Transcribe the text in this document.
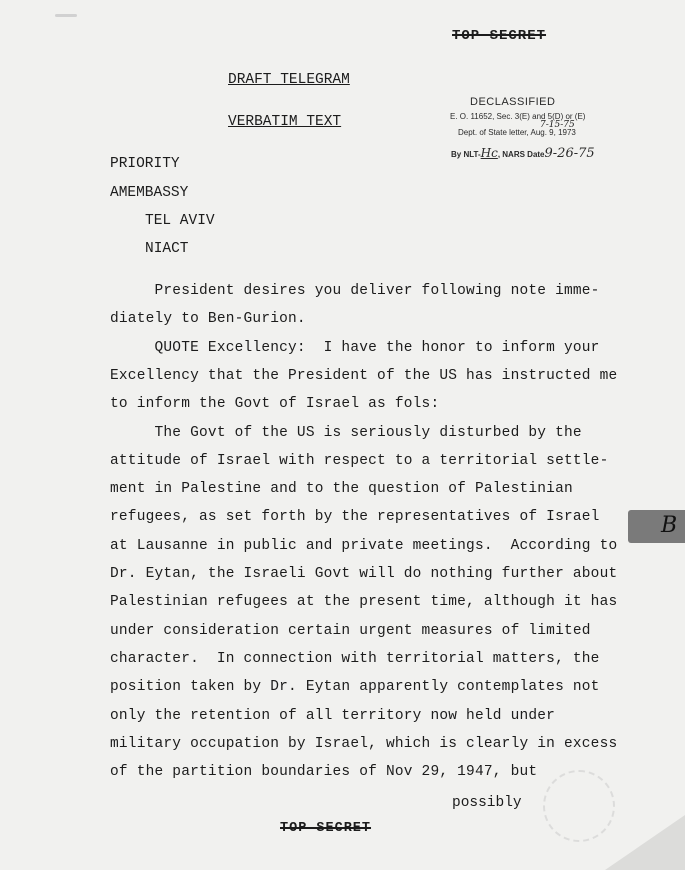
TOP SECRET
DRAFT TELEGRAM
VERBATIM TEXT
DECLASSIFIED
E. O. 11652, Sec. 3(E) and 5(D) or (E)
7-15-75
Dept. of State letter, Aug. 9, 1973
By NLT-Hc, NARS Date9-26-75
PRIORITY
AMEMBASSY
TEL AVIV
NIACT
President desires you deliver following note imme-
diately to Ben-Gurion.
QUOTE Excellency:  I have the honor to inform your
Excellency that the President of the US has instructed me
to inform the Govt of Israel as fols:
The Govt of the US is seriously disturbed by the
attitude of Israel with respect to a territorial settle-
ment in Palestine and to the question of Palestinian
refugees, as set forth by the representatives of Israel
at Lausanne in public and private meetings.  According to
Dr. Eytan, the Israeli Govt will do nothing further about
Palestinian refugees at the present time, although it has
under consideration certain urgent measures of limited
character.  In connection with territorial matters, the
position taken by Dr. Eytan apparently contemplates not
only the retention of all territory now held under
military occupation by Israel, which is clearly in excess
of the partition boundaries of Nov 29, 1947, but
possibly
TOP SECRET
B
